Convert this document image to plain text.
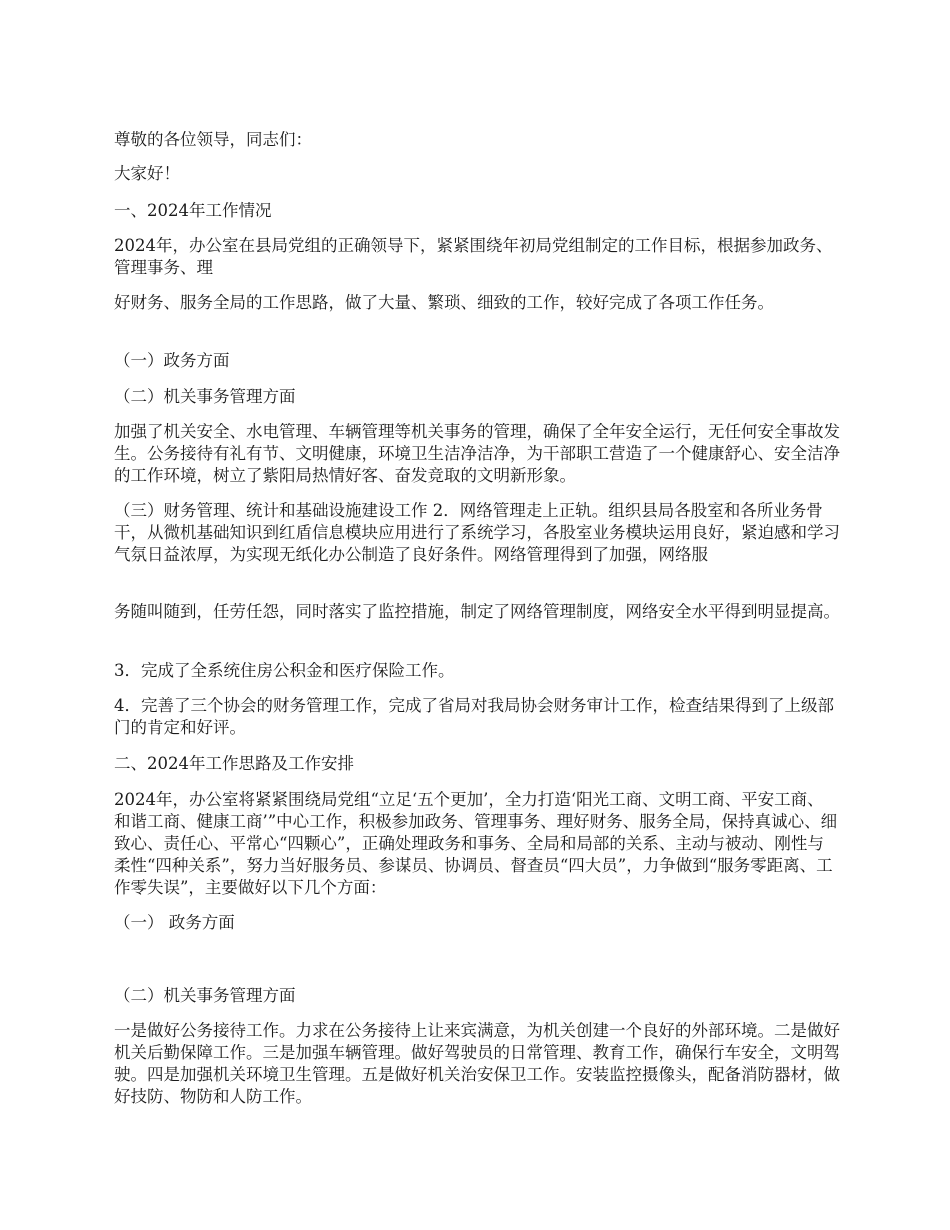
尊敬的各位领导，同志们：

大家好！

一、2024年工作情况

2024年，办公室在县局党组的正确领导下，紧紧围绕年初局党组制定的工作目标，根据参加政务、管理事务、理

好财务、服务全局的工作思路，做了大量、繁琐、细致的工作，较好完成了各项工作任务。

（一）政务方面

（二）机关事务管理方面

加强了机关安全、水电管理、车辆管理等机关事务的管理，确保了全年安全运行，无任何安全事故发生。公务接待有礼有节、文明健康，环境卫生洁净洁净，为干部职工营造了一个健康舒心、安全洁净的工作环境，树立了紫阳局热情好客、奋发竞取的文明新形象。

（三）财务管理、统计和基础设施建设工作 2．网络管理走上正轨。组织县局各股室和各所业务骨干，从微机基础知识到红盾信息模块应用进行了系统学习，各股室业务模块运用良好，紧迫感和学习气氛日益浓厚，为实现无纸化办公制造了良好条件。网络管理得到了加强，网络服

务随叫随到，任劳任怨，同时落实了监控措施，制定了网络管理制度，网络安全水平得到明显提高。

3．完成了全系统住房公积金和医疗保险工作。

4．完善了三个协会的财务管理工作，完成了省局对我局协会财务审计工作，检查结果得到了上级部门的肯定和好评。

二、2024年工作思路及工作安排

2024年，办公室将紧紧围绕局党组“立足‘五个更加’，全力打造‘阳光工商、文明工商、平安工商、和谐工商、健康工商’”中心工作，积极参加政务、管理事务、理好财务、服务全局，保持真诚心、细致心、责任心、平常心“四颗心”，正确处理政务和事务、全局和局部的关系、主动与被动、刚性与柔性“四种关系”，努力当好服务员、参谋员、协调员、督查员“四大员”，力争做到“服务零距离、工作零失误”，主要做好以下几个方面：

（一） 政务方面

（二）机关事务管理方面

一是做好公务接待工作。力求在公务接待上让来宾满意，为机关创建一个良好的外部环境。二是做好机关后勤保障工作。三是加强车辆管理。做好驾驶员的日常管理、教育工作，确保行车安全，文明驾驶。四是加强机关环境卫生管理。五是做好机关治安保卫工作。安装监控摄像头，配备消防器材，做好技防、物防和人防工作。
